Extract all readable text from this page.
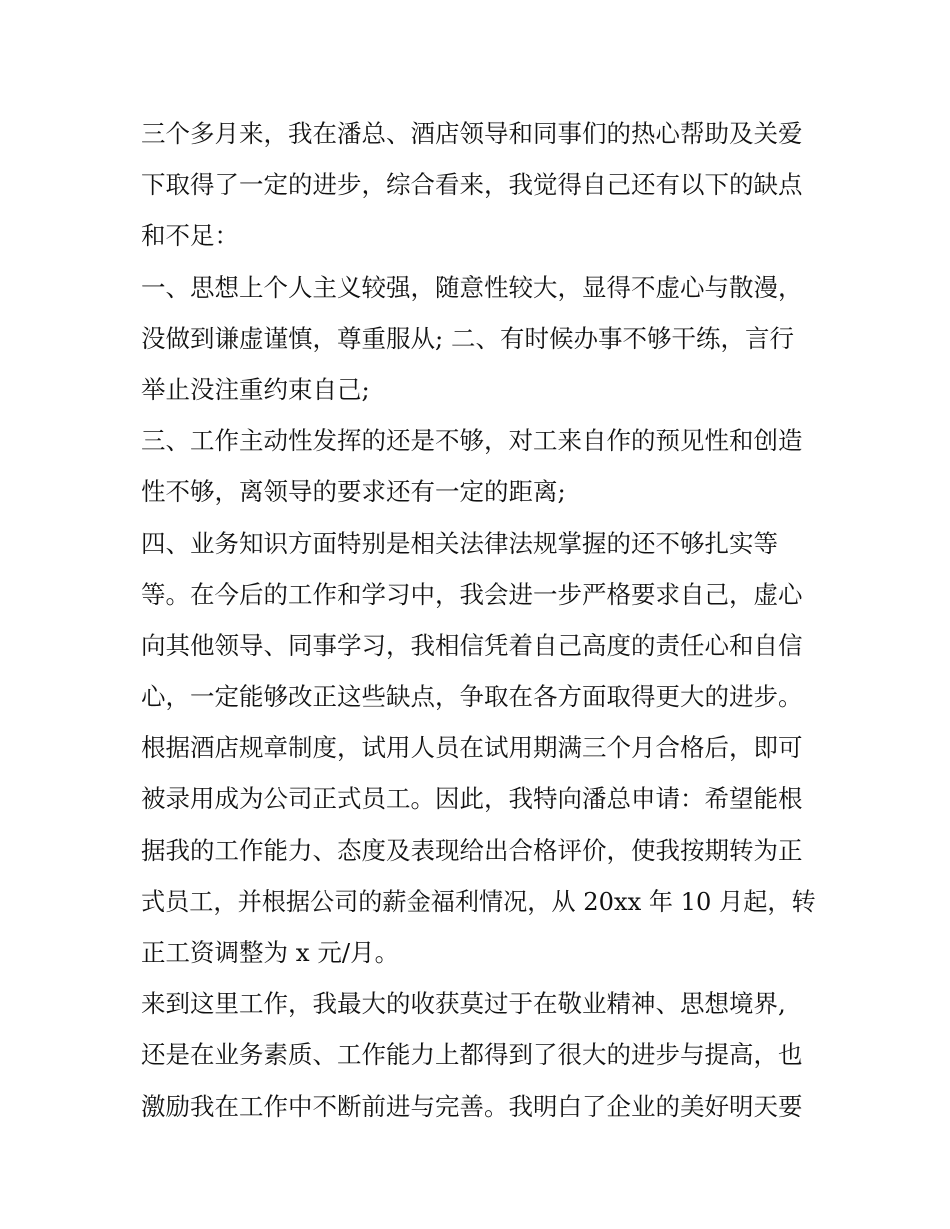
三个多月来，我在潘总、酒店领导和同事们的热心帮助及关爱
下取得了一定的进步，综合看来，我觉得自己还有以下的缺点
和不足：

一、思想上个人主义较强，随意性较大，显得不虚心与散漫，
没做到谦虚谨慎，尊重服从; 二、有时候办事不够干练，言行
举止没注重约束自己;

三、工作主动性发挥的还是不够，对工来自作的预见性和创造
性不够，离领导的要求还有一定的距离;

四、业务知识方面特别是相关法律法规掌握的还不够扎实等
等。在今后的工作和学习中，我会进一步严格要求自己，虚心
向其他领导、同事学习，我相信凭着自己高度的责任心和自信
心，一定能够改正这些缺点，争取在各方面取得更大的进步。
根据酒店规章制度，试用人员在试用期满三个月合格后，即可
被录用成为公司正式员工。因此，我特向潘总申请：希望能根
据我的工作能力、态度及表现给出合格评价，使我按期转为正
式员工，并根据公司的薪金福利情况，从 20xx 年 10 月起，转
正工资调整为 x 元/月。

来到这里工作，我最大的收获莫过于在敬业精神、思想境界,
还是在业务素质、工作能力上都得到了很大的进步与提高，也
激励我在工作中不断前进与完善。我明白了企业的美好明天要
